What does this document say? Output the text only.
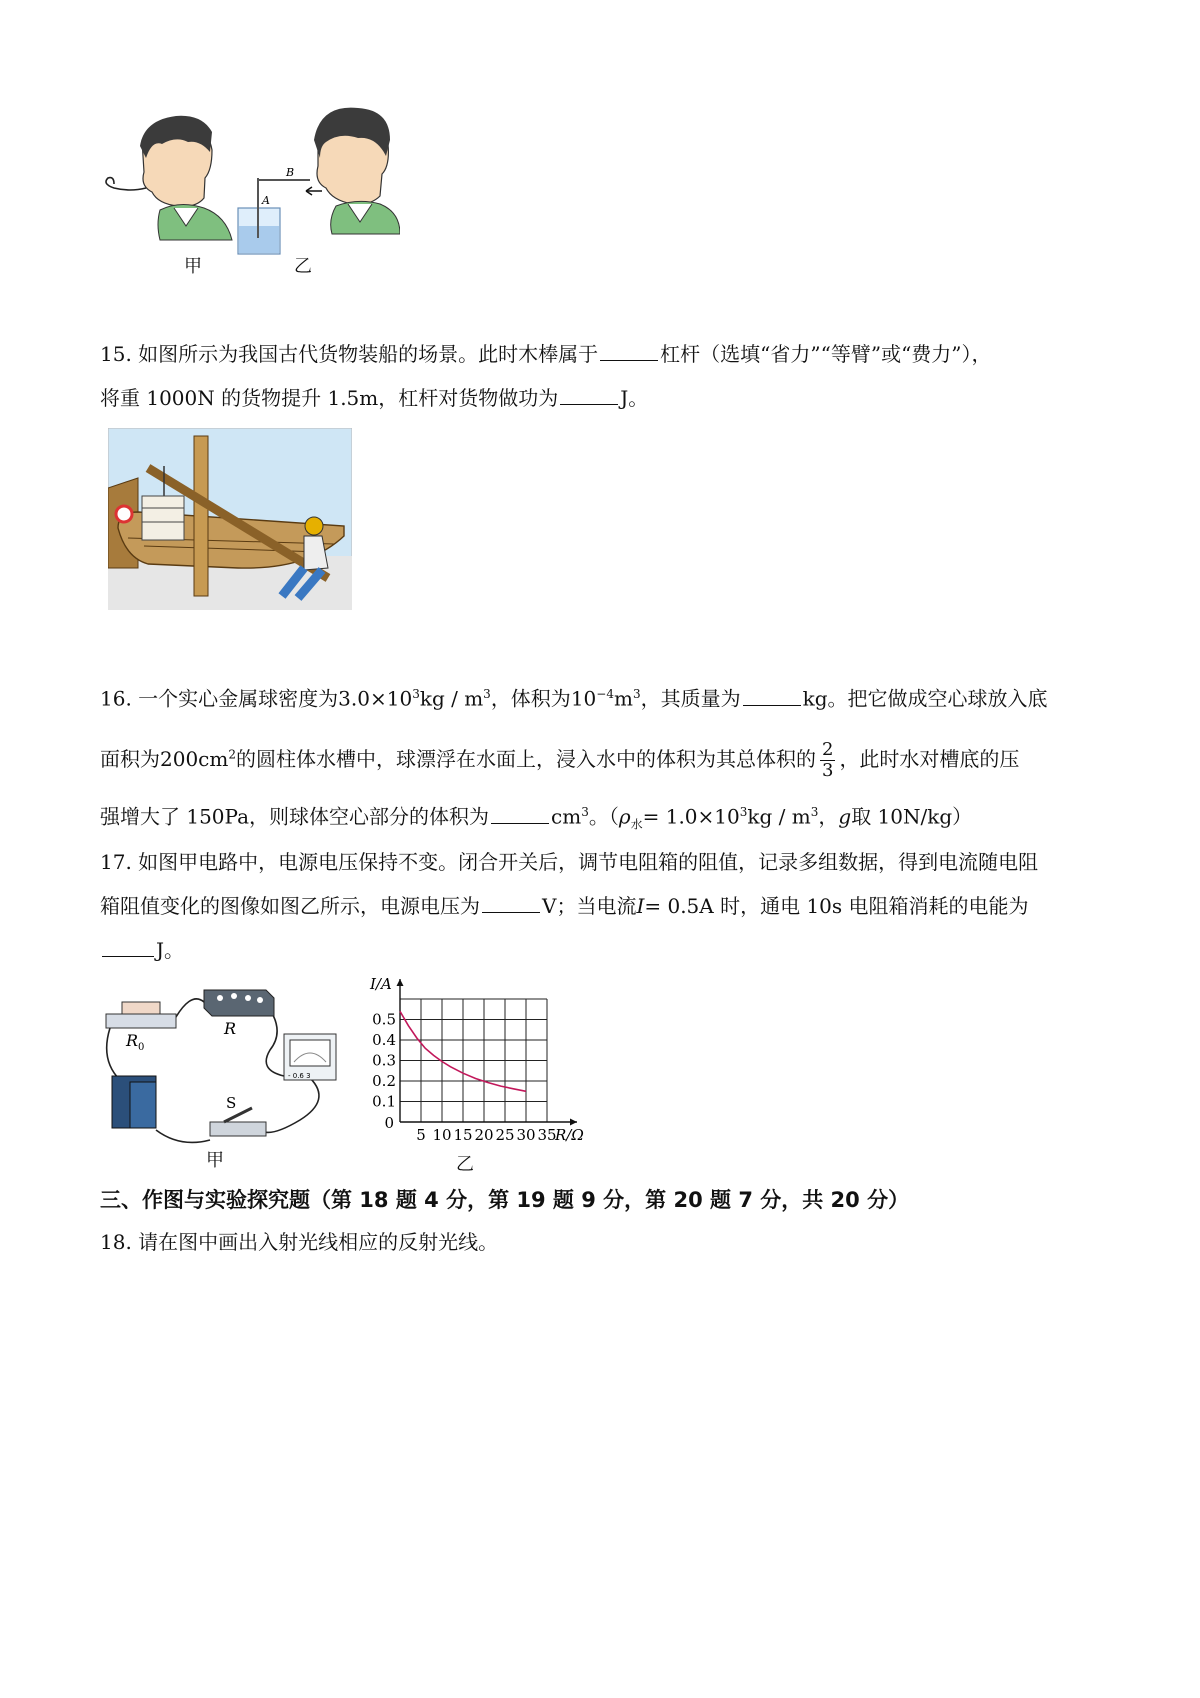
A
B
甲	乙
15. 如图所示为我国古代货物装船的场景。此时木棒属于	杠杆（选填“省力”“等臂”或“费力”），
将重 1000N 的货物提升 1.5m，杠杆对货物做功为	J。
16. 一个实心金属球密度为$3.0\times 10^3kg / m^3$，体积为$10^{-4}m^3$，其质量为	kg。把它做成空心球放入底
面积为$200cm^2$的圆柱体水槽中，球漂浮在水面上，浸入水中的体积为其总体积的 $\frac{2}{3}$ ，此时水对槽底的压
强增大了 150Pa，则球体空心部分的体积为	$cm^3$。（$\rho_水= 1.0\times 10^3kg / m^3$，g取 10N/kg）
17. 如图甲电路中，电源电压保持不变。闭合开关后，调节电阻箱的阻值，记录多组数据，得到电流随电阻
箱阻值变化的图像如图乙所示，电源电压为	V；当电流I= 0.5A 时，通电 10s 电阻箱消耗的电能为
J。
R 0
R
- 0.6 3
S
甲
5 10 15 20 25 30 35
0.5
0.4
0.3
0.2
0.1
0
I/A
R/Ω
乙
三、作图与实验探究题（第 18 题 4 分，第 19 题 9 分，第 20 题 7 分，共 20 分）
18. 请在图中画出入射光线相应的反射光线。
